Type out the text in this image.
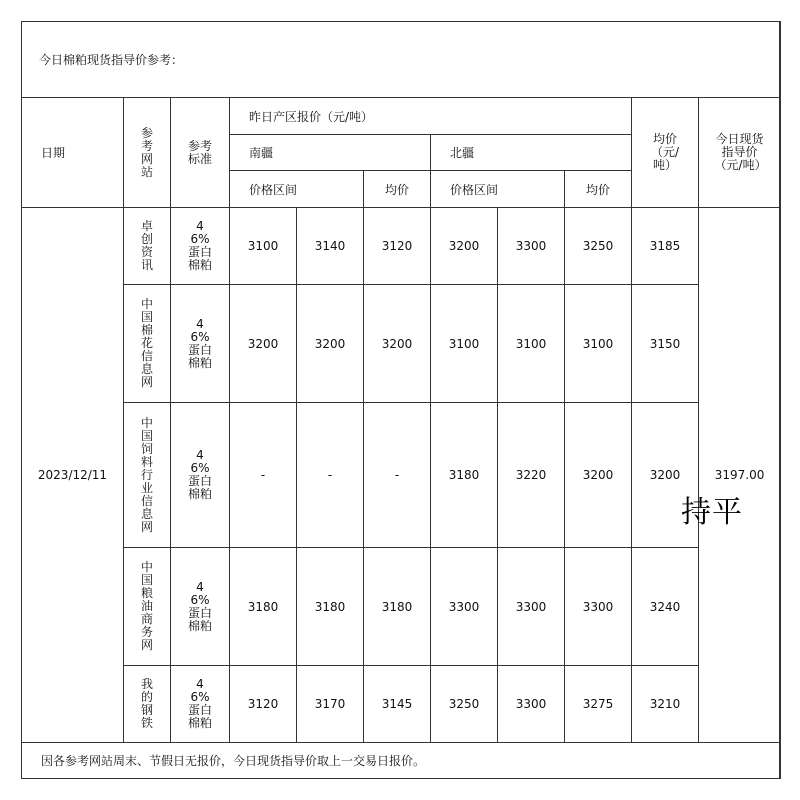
今日棉粕现货指导价参考：										
日期	参考网站	参考标准	昨日产区报价（元/吨）						均价（元/吨）	今日现货指导价（元/吨）
			南疆			北疆				
			价格区间		均价	价格区间		均价		
2023/12/11	卓创资讯	46%蛋白棉粕	3100	3140	3120	3200	3300	3250	3185	3197.00
	中国棉花信息网	46%蛋白棉粕	3200	3200	3200	3100	3100	3100	3150	
	中国饲料行业信息网	46%蛋白棉粕	-	-	-	3180	3220	3200	3200	
	中国粮油商务网	46%蛋白棉粕	3180	3180	3180	3300	3300	3300	3240	
	我的钢铁	46%蛋白棉粕	3120	3170	3145	3250	3300	3275	3210	
因各参考网站周末、节假日无报价，今日现货指导价取上一交易日报价。										
持平
